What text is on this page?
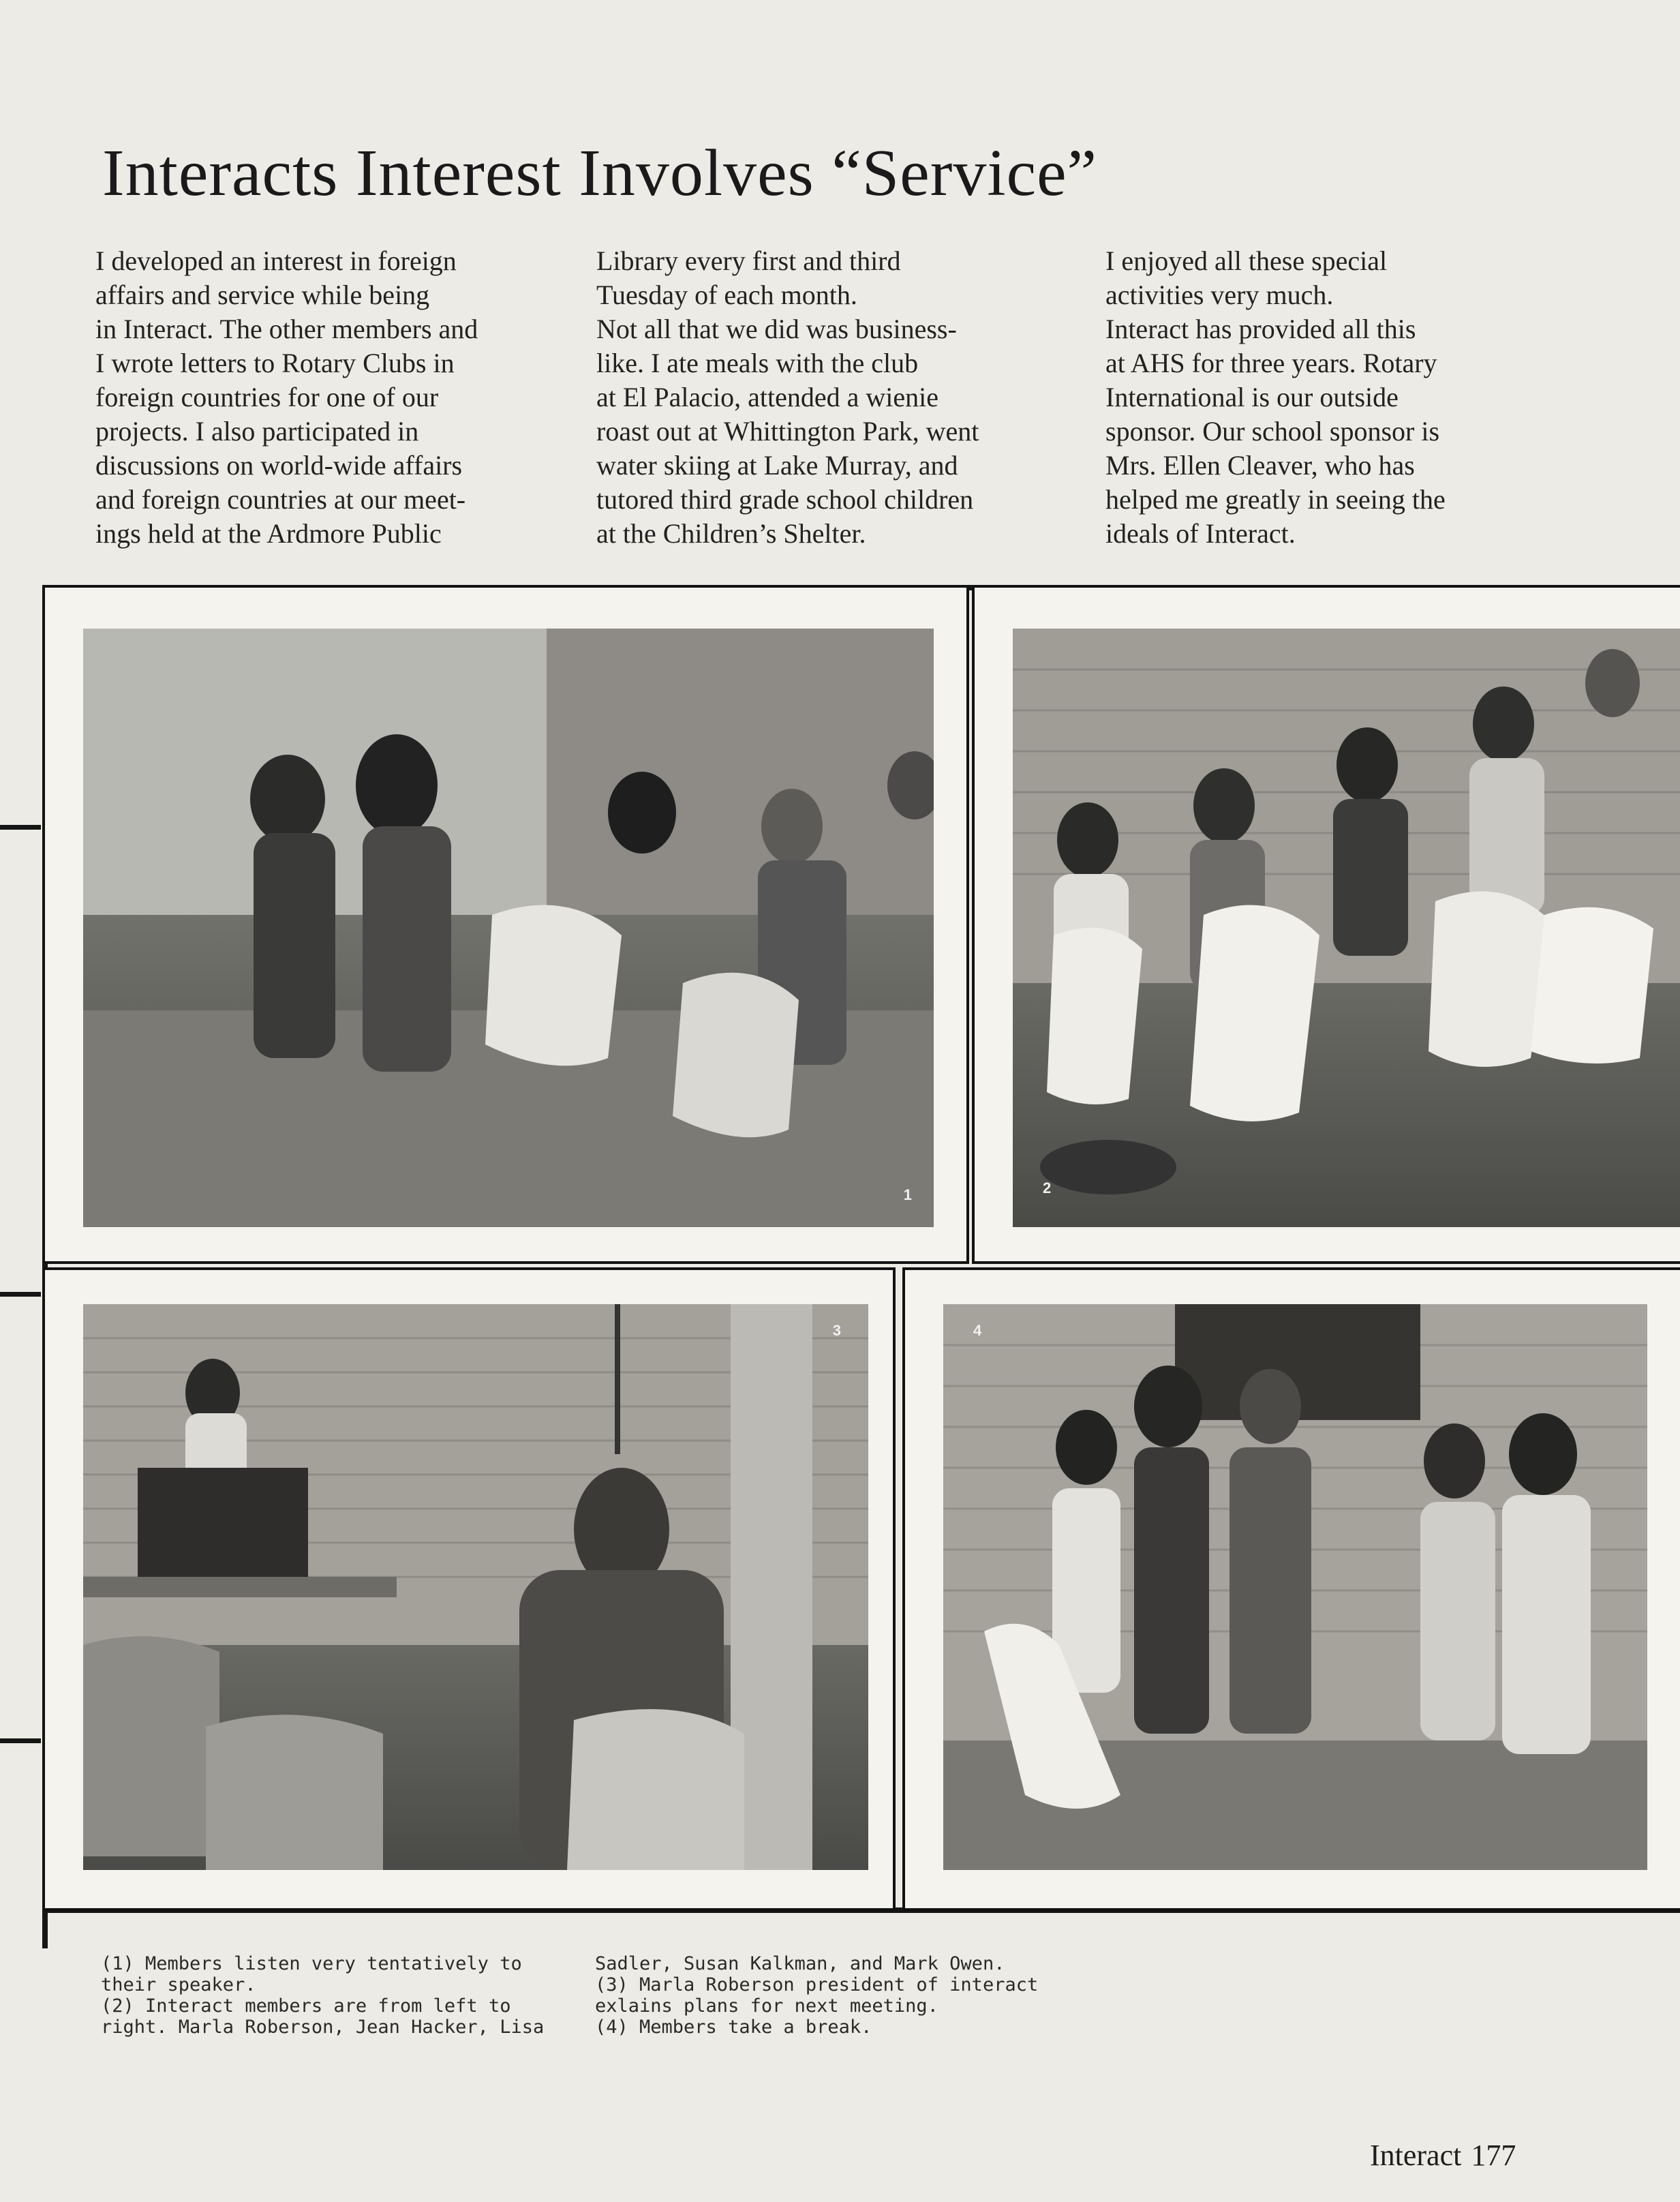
Interacts Interest Involves “Service”
I developed an interest in foreign
affairs and service while being
in Interact. The other members and
I wrote letters to Rotary Clubs in
foreign countries for one of our
projects. I also participated in
discussions on world-wide affairs
and foreign countries at our meet-
ings held at the Ardmore Public
Library every first and third
Tuesday of each month.
Not all that we did was business-
like. I ate meals with the club
at El Palacio, attended a wienie
roast out at Whittington Park, went
water skiing at Lake Murray, and
tutored third grade school children
at the Children’s Shelter.
I enjoyed all these special
activities very much.
Interact has provided all this
at AHS for three years. Rotary
International is our outside
sponsor. Our school sponsor is
Mrs. Ellen Cleaver, who has
helped me greatly in seeing the
ideals of Interact.
1	2
3	4
(1) Members listen very tentatively to
their speaker.
(2) Interact members are from left to
right. Marla Roberson, Jean Hacker, Lisa
Sadler, Susan Kalkman, and Mark Owen.
(3) Marla Roberson president of interact
exlains plans for next meeting.
(4) Members take a break.
Interact 177
